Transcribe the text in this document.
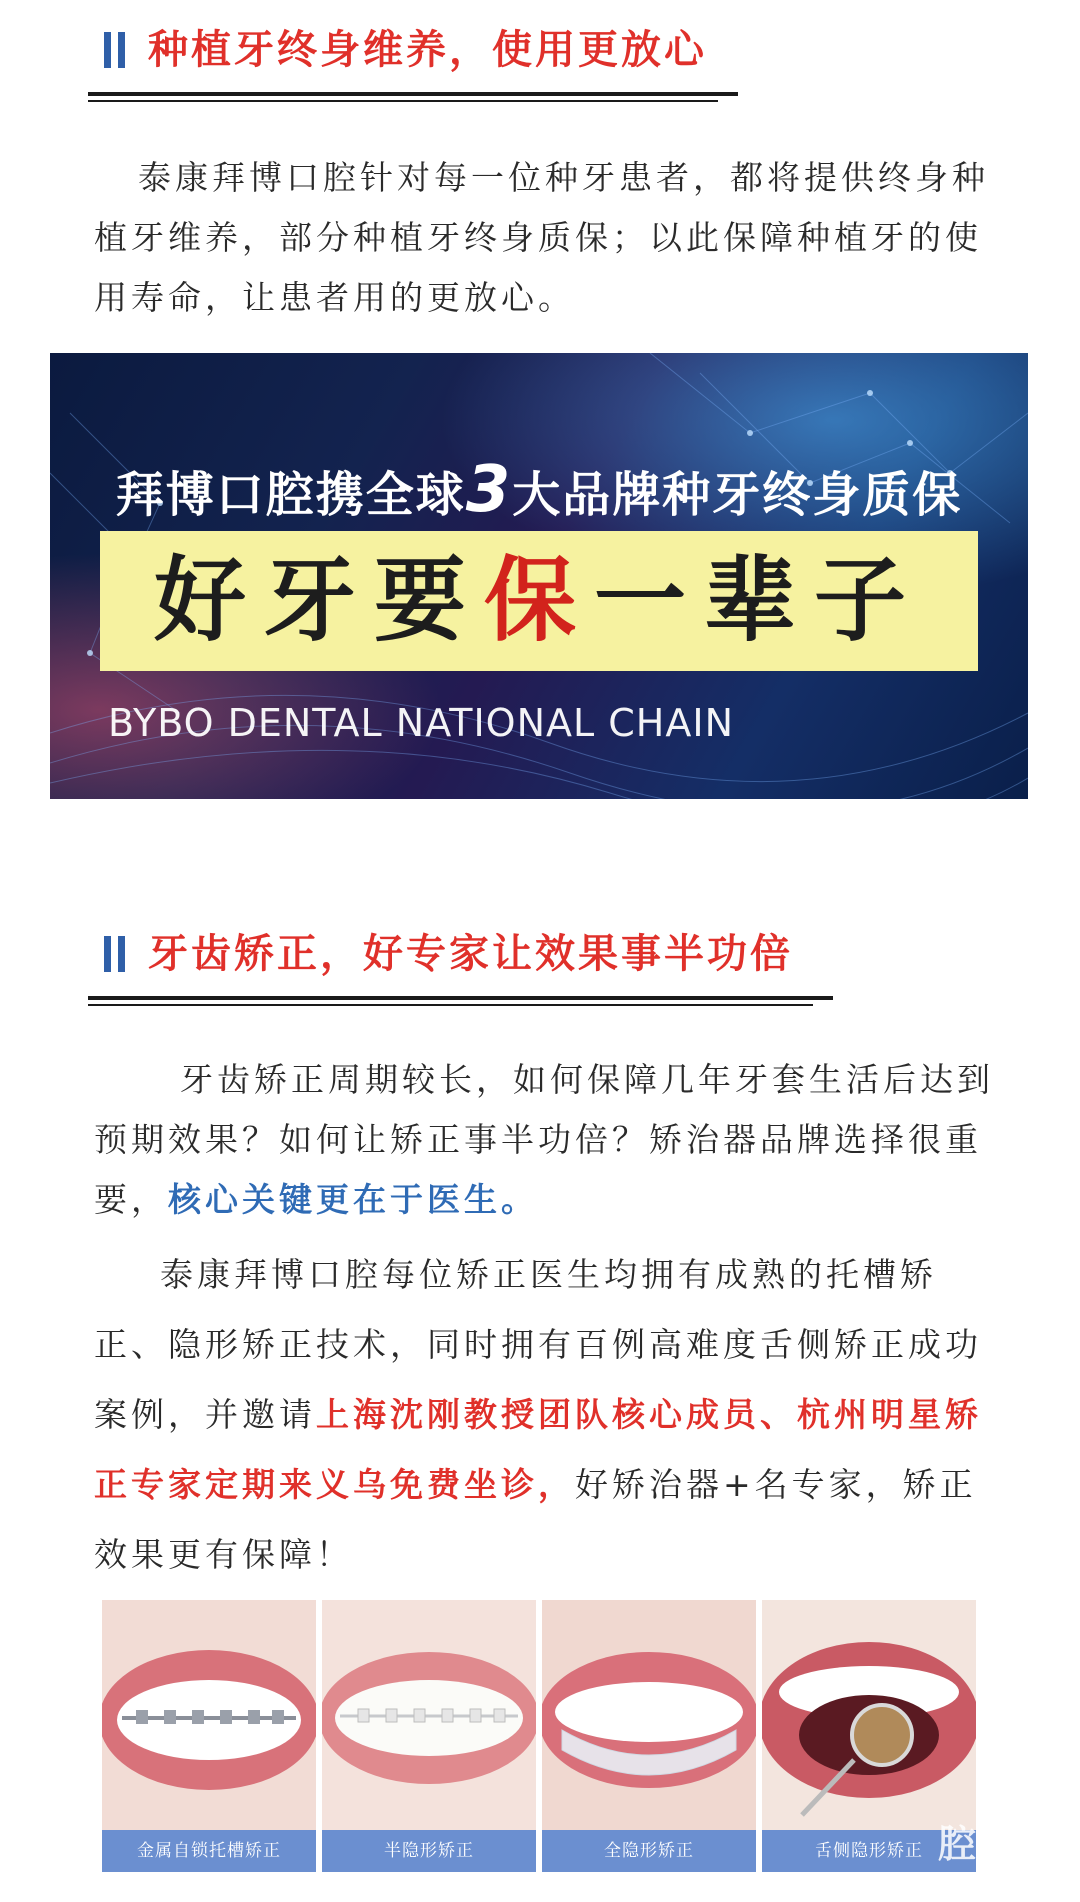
种植牙终身维养，使用更放心
泰康拜博口腔针对每一位种牙患者，都将提供终身种植牙维养，部分种植牙终身质保；以此保障种植牙的使用寿命，让患者用的更放心。
拜博口腔携全球3大品牌种牙终身质保
好牙要保一辈子
BYBO DENTAL NATIONAL CHAIN
牙齿矫正，好专家让效果事半功倍
牙齿矫正周期较长，如何保障几年牙套生活后达到预期效果？如何让矫正事半功倍？矫治器品牌选择很重要，核心关键更在于医生。
泰康拜博口腔每位矫正医生均拥有成熟的托槽矫正、隐形矫正技术，同时拥有百例高难度舌侧矫正成功案例，并邀请上海沈刚教授团队核心成员、杭州明星矫正专家定期来义乌免费坐诊，好矫治器+名专家，矫正效果更有保障！
金属自锁托槽矫正	半隐形矫正	全隐形矫正	舌侧隐形矫正 腔
